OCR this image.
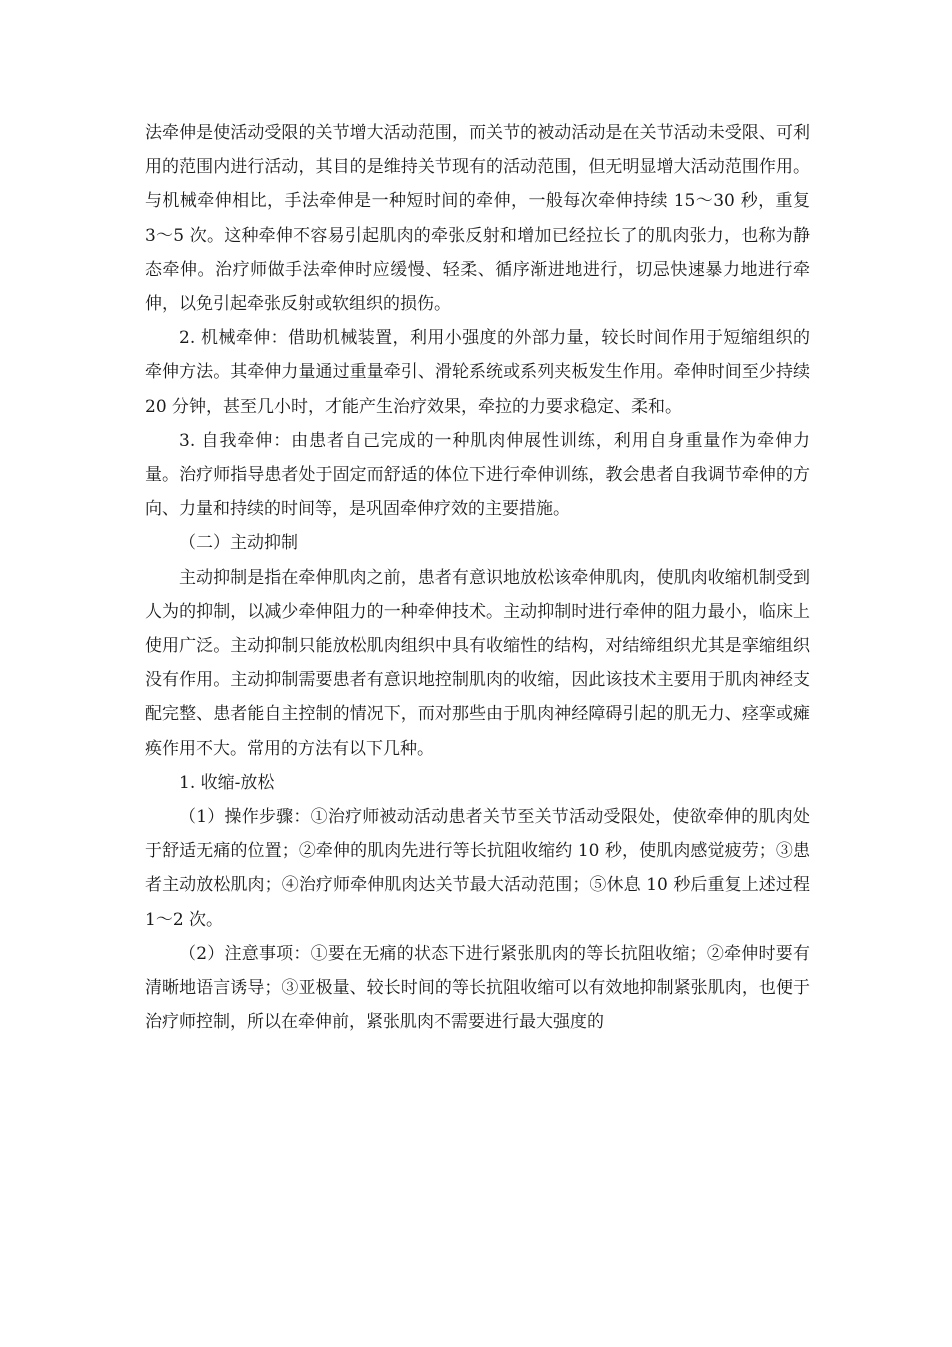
法牵伸是使活动受限的关节增大活动范围，而关节的被动活动是在关节活动未受限、可利用的范围内进行活动，其目的是维持关节现有的活动范围，但无明显增大活动范围作用。与机械牵伸相比，手法牵伸是一种短时间的牵伸，一般每次牵伸持续 15～30 秒，重复 3～5 次。这种牵伸不容易引起肌肉的牵张反射和增加已经拉长了的肌肉张力，也称为静态牵伸。治疗师做手法牵伸时应缓慢、轻柔、循序渐进地进行，切忌快速暴力地进行牵伸，以免引起牵张反射或软组织的损伤。

2. 机械牵伸：借助机械装置，利用小强度的外部力量，较长时间作用于短缩组织的牵伸方法。其牵伸力量通过重量牵引、滑轮系统或系列夹板发生作用。牵伸时间至少持续 20 分钟，甚至几小时，才能产生治疗效果，牵拉的力要求稳定、柔和。

3. 自我牵伸：由患者自己完成的一种肌肉伸展性训练，利用自身重量作为牵伸力量。治疗师指导患者处于固定而舒适的体位下进行牵伸训练，教会患者自我调节牵伸的方向、力量和持续的时间等，是巩固牵伸疗效的主要措施。

（二）主动抑制

主动抑制是指在牵伸肌肉之前，患者有意识地放松该牵伸肌肉，使肌肉收缩机制受到人为的抑制，以减少牵伸阻力的一种牵伸技术。主动抑制时进行牵伸的阻力最小，临床上使用广泛。主动抑制只能放松肌肉组织中具有收缩性的结构，对结缔组织尤其是挛缩组织没有作用。主动抑制需要患者有意识地控制肌肉的收缩，因此该技术主要用于肌肉神经支配完整、患者能自主控制的情况下，而对那些由于肌肉神经障碍引起的肌无力、痉挛或瘫痪作用不大。常用的方法有以下几种。

1. 收缩-放松

（1）操作步骤：①治疗师被动活动患者关节至关节活动受限处，使欲牵伸的肌肉处于舒适无痛的位置；②牵伸的肌肉先进行等长抗阻收缩约 10 秒，使肌肉感觉疲劳；③患者主动放松肌肉；④治疗师牵伸肌肉达关节最大活动范围；⑤休息 10 秒后重复上述过程 1～2 次。

（2）注意事项：①要在无痛的状态下进行紧张肌肉的等长抗阻收缩；②牵伸时要有清晰地语言诱导；③亚极量、较长时间的等长抗阻收缩可以有效地抑制紧张肌肉，也便于治疗师控制，所以在牵伸前，紧张肌肉不需要进行最大强度的
